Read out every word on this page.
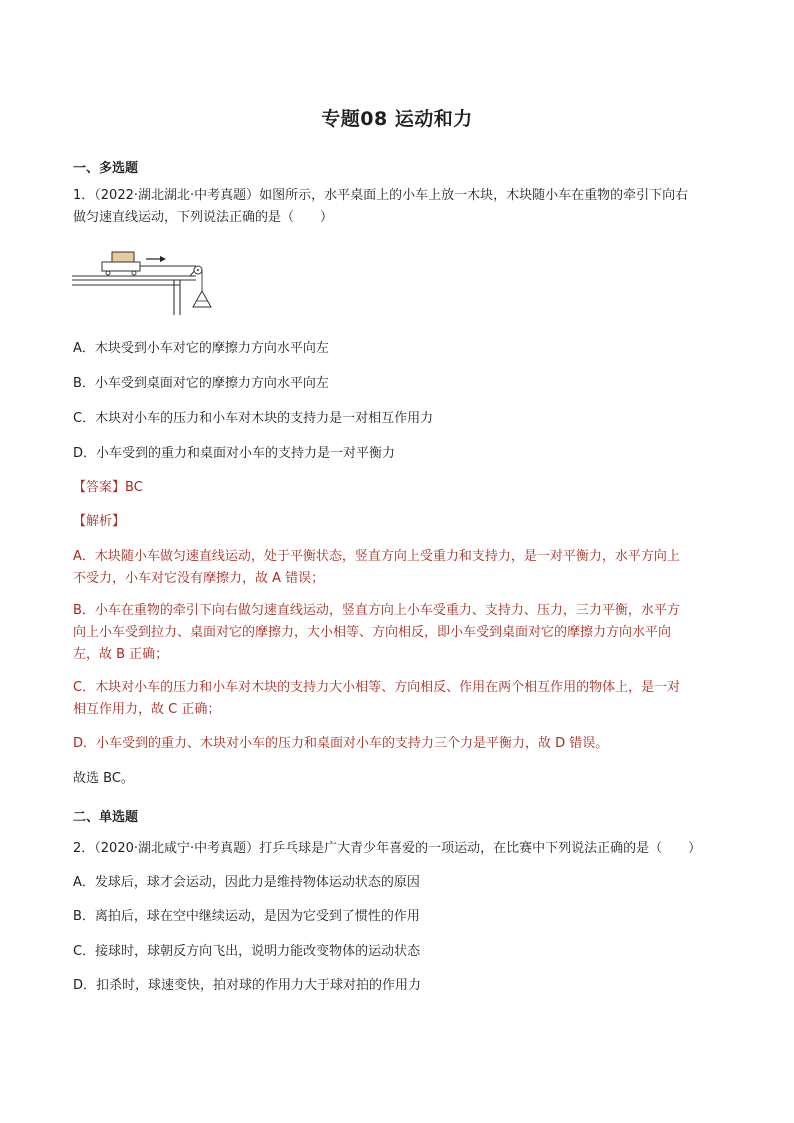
专题08 运动和力
一、多选题
1．（2022·湖北湖北·中考真题）如图所示，水平桌面上的小车上放一木块，木块随小车在重物的牵引下向右
做匀速直线运动，下列说法正确的是（　　）
A．木块受到小车对它的摩擦力方向水平向左
B．小车受到桌面对它的摩擦力方向水平向左
C．木块对小车的压力和小车对木块的支持力是一对相互作用力
D．小车受到的重力和桌面对小车的支持力是一对平衡力
【答案】BC
【解析】
A．木块随小车做匀速直线运动，处于平衡状态，竖直方向上受重力和支持力，是一对平衡力，水平方向上
不受力，小车对它没有摩擦力，故 A 错误；
B．小车在重物的牵引下向右做匀速直线运动，竖直方向上小车受重力、支持力、压力，三力平衡，水平方
向上小车受到拉力、桌面对它的摩擦力，大小相等、方向相反，即小车受到桌面对它的摩擦力方向水平向
左，故 B 正确；
C．木块对小车的压力和小车对木块的支持力大小相等、方向相反、作用在两个相互作用的物体上，是一对
相互作用力，故 C 正确；
D．小车受到的重力、木块对小车的压力和桌面对小车的支持力三个力是平衡力，故 D 错误。
故选 BC。
二、单选题
2．（2020·湖北咸宁·中考真题）打乒乓球是广大青少年喜爱的一项运动，在比赛中下列说法正确的是（　　）
A．发球后，球才会运动，因此力是维持物体运动状态的原因
B．离拍后，球在空中继续运动，是因为它受到了惯性的作用
C．接球时，球朝反方向飞出，说明力能改变物体的运动状态
D．扣杀时，球速变快，拍对球的作用力大于球对拍的作用力
